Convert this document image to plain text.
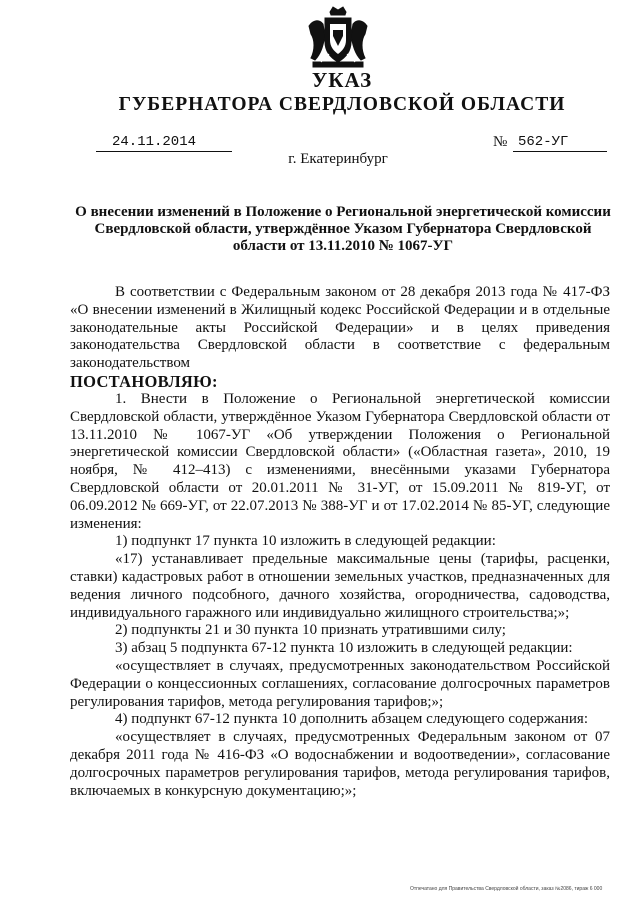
УКАЗ
ГУБЕРНАТОРА СВЕРДЛОВСКОЙ ОБЛАСТИ
24.11.2014	№ 562-УГ
г. Екатеринбург
О внесении изменений в Положение о Региональной энергетической комиссии Свердловской области, утверждённое Указом Губернатора Свердловской области от 13.11.2010 № 1067-УГ

В соответствии с Федеральным законом от 28 декабря 2013 года № 417-ФЗ «О внесении изменений в Жилищный кодекс Российской Федерации и в отдельные законодательные акты Российской Федерации» и в целях приведения законодательства Свердловской области в соответствие с федеральным законодательством

ПОСТАНОВЛЯЮ:

1. Внести в Положение о Региональной энергетической комиссии Свердловской области, утверждённое Указом Губернатора Свердловской области от 13.11.2010 № 1067-УГ «Об утверждении Положения о Региональной энергетической комиссии Свердловской области» («Областная газета», 2010, 19 ноября, № 412–413) с изменениями, внесёнными указами Губернатора Свердловской области от 20.01.2011 № 31-УГ, от 15.09.2011 № 819-УГ, от 06.09.2012 № 669-УГ, от 22.07.2013 № 388-УГ и от 17.02.2014 № 85-УГ, следующие изменения:

1) подпункт 17 пункта 10 изложить в следующей редакции:

«17) устанавливает предельные максимальные цены (тарифы, расценки, ставки) кадастровых работ в отношении земельных участков, предназначенных для ведения личного подсобного, дачного хозяйства, огородничества, садоводства, индивидуального гаражного или индивидуально жилищного строительства;»;

2) подпункты 21 и 30 пункта 10 признать утратившими силу;

3) абзац 5 подпункта 67-12 пункта 10 изложить в следующей редакции:

«осуществляет в случаях, предусмотренных законодательством Российской Федерации о концессионных соглашениях, согласование долгосрочных параметров регулирования тарифов, метода регулирования тарифов;»;

4) подпункт 67-12 пункта 10 дополнить абзацем следующего содержания:

«осуществляет в случаях, предусмотренных Федеральным законом от 07 декабря 2011 года № 416-ФЗ «О водоснабжении и водоотведении», согласование долгосрочных параметров регулирования тарифов, метода регулирования тарифов, включаемых в конкурсную документацию;»;

Отпечатано для Правительства Свердловской области, заказ №2086, тираж 6 000
